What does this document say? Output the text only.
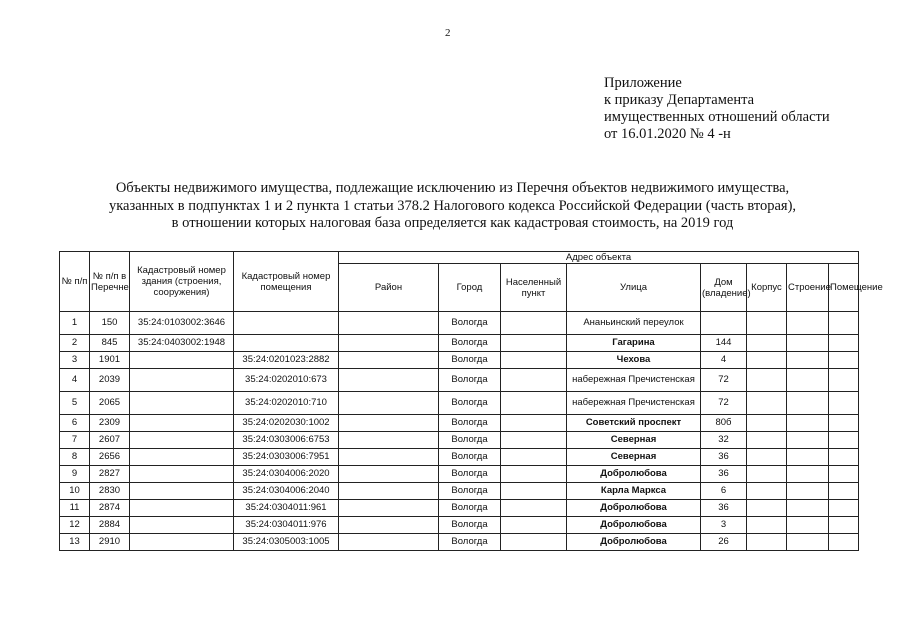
2
Приложение
к приказу Департамента
имущественных отношений области
от 16.01.2020 № 4 -н
Объекты недвижимого имущества, подлежащие исключению из Перечня объектов недвижимого имущества,
указанных в подпунктах 1 и 2 пункта 1 статьи 378.2 Налогового кодекса Российской Федерации (часть вторая),
в отношении которых налоговая база определяется как кадастровая стоимость, на 2019 год
№ п/п	№ п/п в Перечне	Кадастровый номер здания (строения, сооружения)	Кадастровый номер помещения	Адрес объекта							
				Район	Город	Населенный пункт	Улица	Дом (владение)	Корпус	Строение	Помещение
1	150	35:24:0103002:3646			Вологда		Ананьинский переулок				
2	845	35:24:0403002:1948			Вологда		Гагарина	144			
3	1901		35:24:0201023:2882		Вологда		Чехова	4			
4	2039		35:24:0202010:673		Вологда		набережная Пречистенская	72			
5	2065		35:24:0202010:710		Вологда		набережная Пречистенская	72			
6	2309		35:24:0202030:1002		Вологда		Советский проспект	80б			
7	2607		35:24:0303006:6753		Вологда		Северная	32			
8	2656		35:24:0303006:7951		Вологда		Северная	36			
9	2827		35:24:0304006:2020		Вологда		Добролюбова	36			
10	2830		35:24:0304006:2040		Вологда		Карла Маркса	6			
11	2874		35:24:0304011:961		Вологда		Добролюбова	36			
12	2884		35:24:0304011:976		Вологда		Добролюбова	3			
13	2910		35:24:0305003:1005		Вологда		Добролюбова	26			
